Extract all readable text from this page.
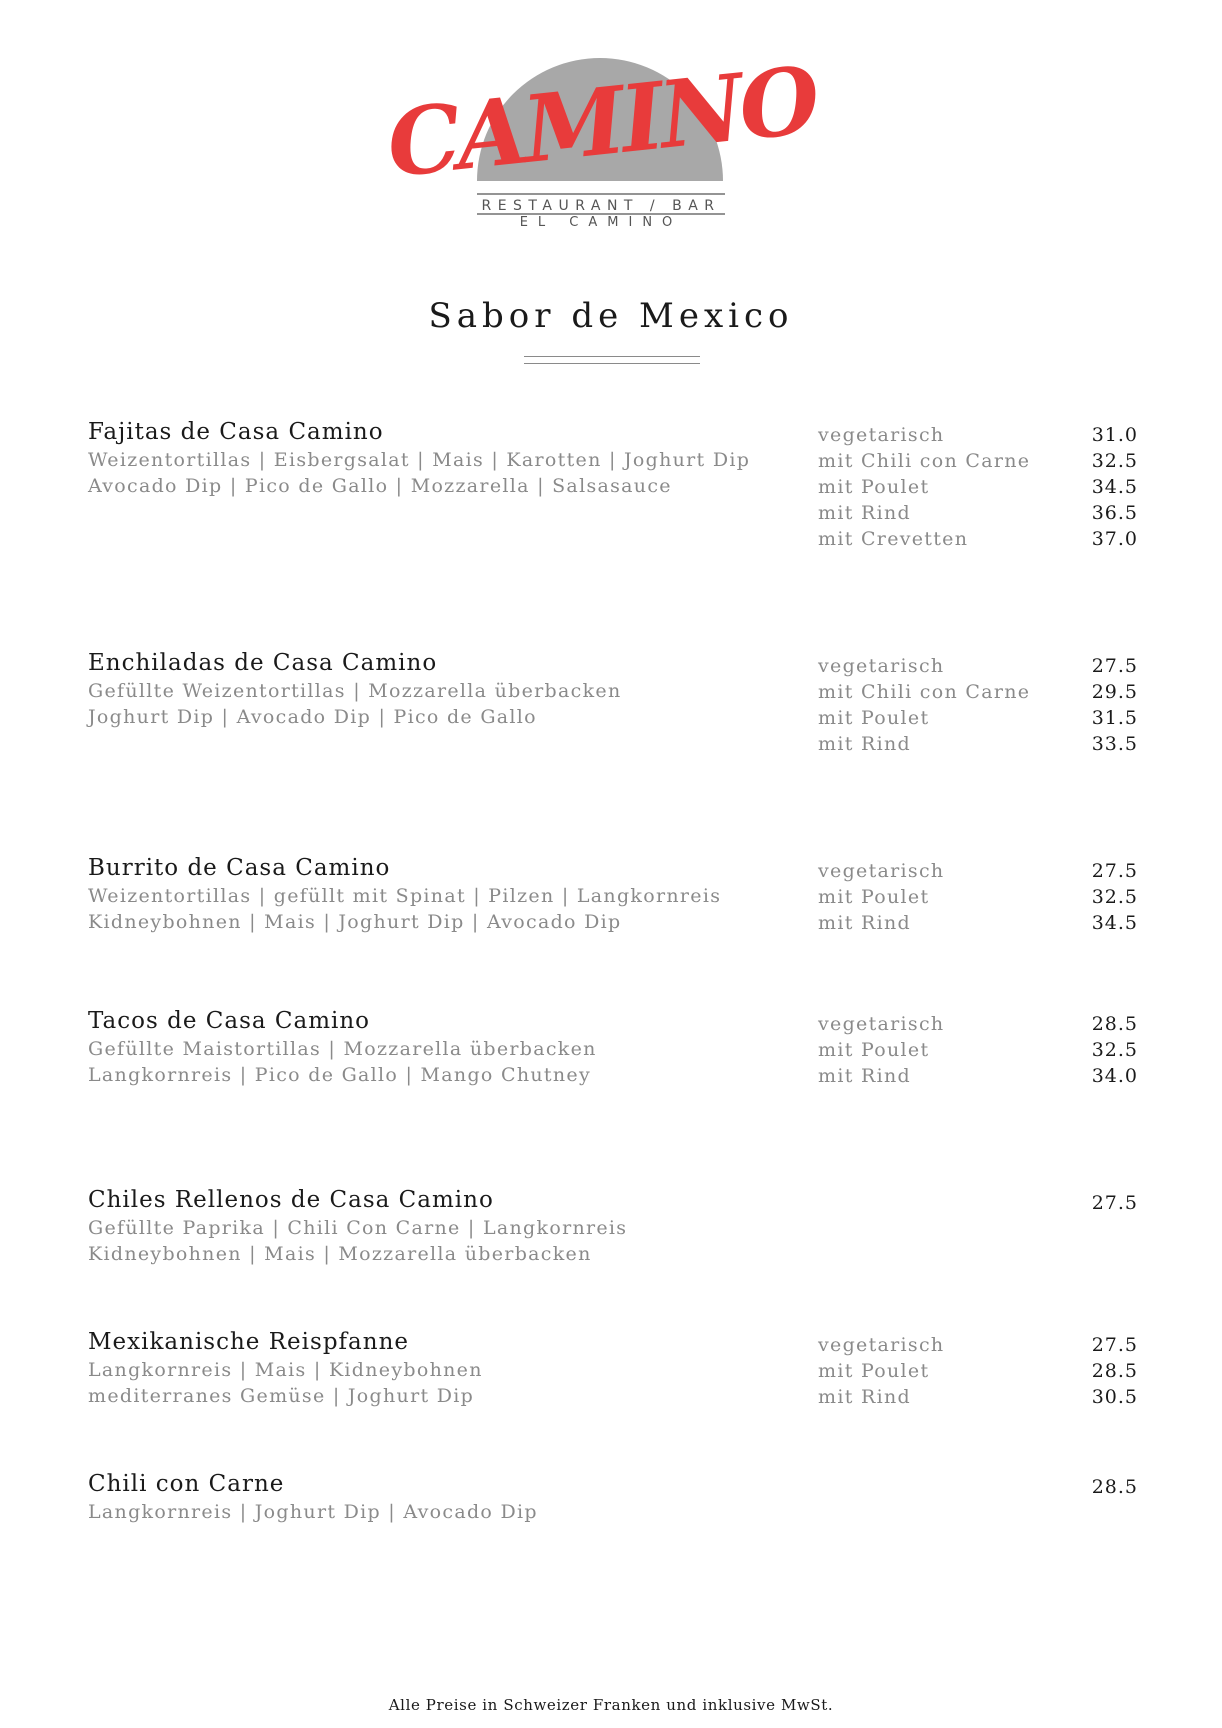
CAMINO
RESTAURANT / BAR
EL CAMINO
Sabor de Mexico
Fajitas de Casa Camino
Weizentortillas | Eisbergsalat | Mais | Karotten | Joghurt Dip
Avocado Dip | Pico de Gallo | Mozzarella | Salsasauce
vegetarisch
mit Chili con Carne
mit Poulet
mit Rind
mit Crevetten
31.0
32.5
34.5
36.5
37.0
Enchiladas de Casa Camino
Gefüllte Weizentortillas | Mozzarella überbacken
Joghurt Dip | Avocado Dip | Pico de Gallo
vegetarisch
mit Chili con Carne
mit Poulet
mit Rind
27.5
29.5
31.5
33.5
Burrito de Casa Camino
Weizentortillas | gefüllt mit Spinat | Pilzen | Langkornreis
Kidneybohnen | Mais | Joghurt Dip | Avocado Dip
vegetarisch
mit Poulet
mit Rind
27.5
32.5
34.5
Tacos de Casa Camino
Gefüllte Maistortillas | Mozzarella überbacken
Langkornreis | Pico de Gallo | Mango Chutney
vegetarisch
mit Poulet
mit Rind
28.5
32.5
34.0
Chiles Rellenos de Casa Camino
Gefüllte Paprika | Chili Con Carne | Langkornreis
Kidneybohnen | Mais | Mozzarella überbacken
27.5
Mexikanische Reispfanne
Langkornreis | Mais | Kidneybohnen
mediterranes Gemüse | Joghurt Dip
vegetarisch
mit Poulet
mit Rind
27.5
28.5
30.5
Chili con Carne
Langkornreis | Joghurt Dip | Avocado Dip
28.5
Alle Preise in Schweizer Franken und inklusive MwSt.
